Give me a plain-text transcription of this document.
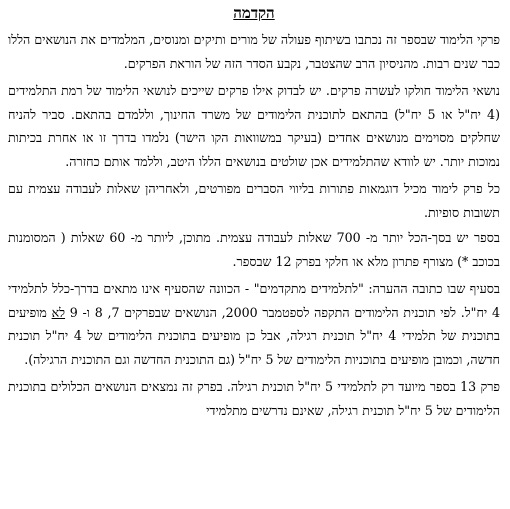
הקדמה

פרקי הלימוד שבספר זה נכתבו בשיתוף פעולה של מורים ותיקים ומנוסים, המלמדים את הנושאים הללו כבר שנים רבות. מהניסיון הרב שהצטבר, נקבע הסדר הזה של הוראת הפרקים.

נושאי הלימוד חולקו לעשרה פרקים. יש לבדוק אילו פרקים שייכים לנושאי הלימוד של רמת התלמידים (4 יח"ל או 5 יח"ל) בהתאם לתוכנית הלימודים של משרד החינוך, וללמדם בהתאם. סביר להניח שחלקים מסוימים מנושאים אחדים (בעיקר במשוואות הקו הישר) נלמדו בדרך זו או אחרת בכיתות נמוכות יותר. יש לוודא שהתלמידים אכן שולטים בנושאים הללו היטב, וללמד אותם כחזרה.

כל פרק לימוד מכיל דוגמאות פתורות בליווי הסברים מפורטים, ולאחריהן שאלות לעבודה עצמית עם תשובות סופיות.

בספר יש בסך-הכל יותר מ- 700 שאלות לעבודה עצמית. מתוכן, ליותר מ- 60 שאלות ( המסומנות בכוכב *) מצורף פתרון מלא או חלקי בפרק 12 שבספר.

בסעיף שבו כתובה ההערה: "לתלמידים מתקדמים" - הכוונה שהסעיף אינו מתאים בדרך-כלל לתלמידי 4 יח"ל. לפי תוכנית הלימודים התקפה לספטמבר 2000, הנושאים שבפרקים 7, 8 ו- 9 לא מופיעים בתוכנית של תלמידי 4 יח"ל תוכנית רגילה, אבל כן מופיעים בתוכנית הלימודים של 4 יח"ל תוכנית חדשה, וכמובן מופיעים בתוכניות הלימודים של 5 יח"ל (גם התוכנית החדשה וגם התוכנית הרגילה).

פרק 13 בספר מיועד רק לתלמידי 5 יח"ל תוכנית רגילה. בפרק זה נמצאים הנושאים הכלולים בתוכנית הלימודים של 5 יח"ל תוכנית רגילה, שאינם נדרשים מתלמידי
